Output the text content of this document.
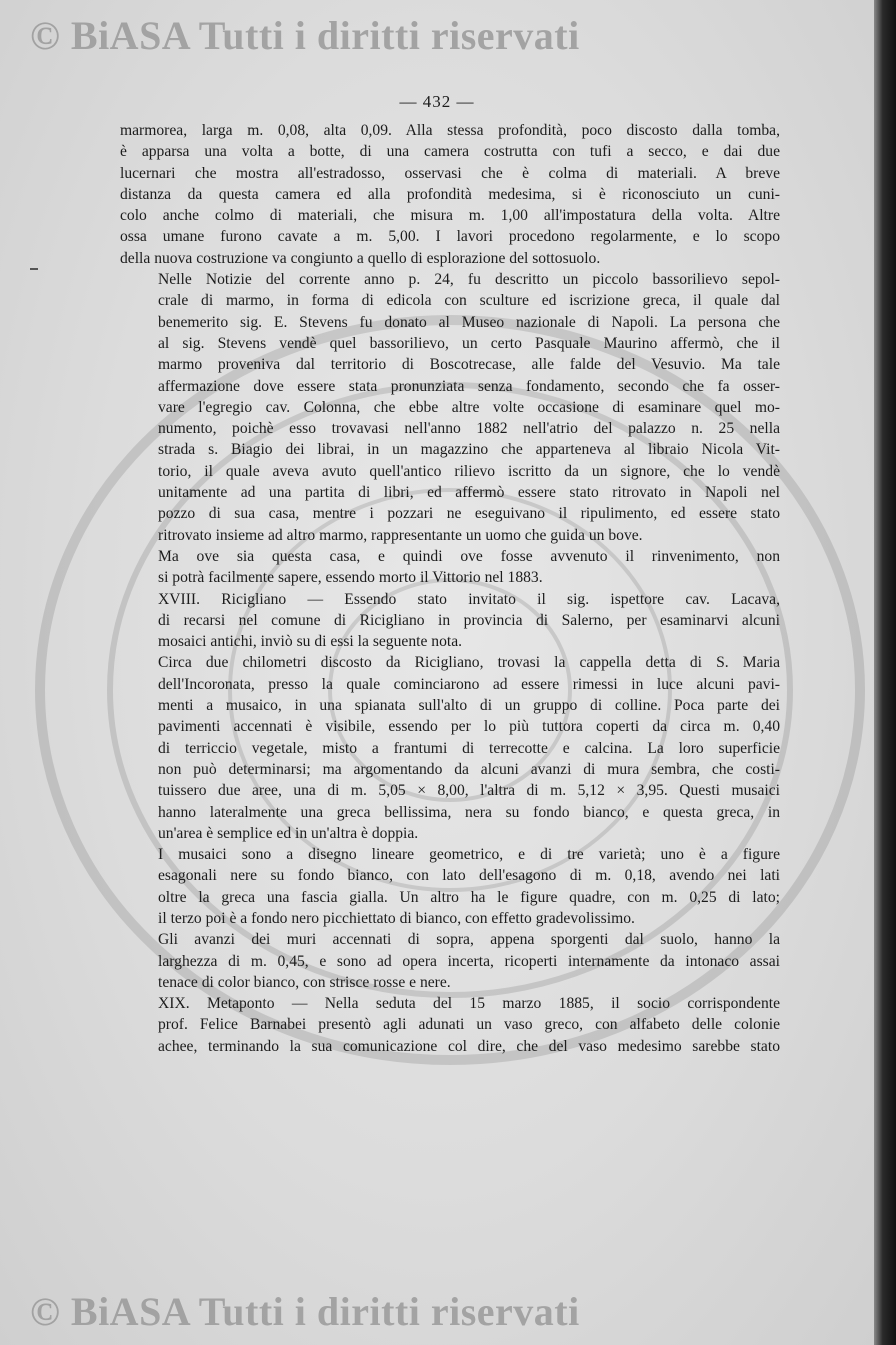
© BiASA Tutti i diritti riservati
© BiASA Tutti i diritti riservati
— 432 —

marmorea, larga m. 0,08, alta 0,09. Alla stessa profondità, poco discosto dalla tomba,
è apparsa una volta a botte, di una camera costrutta con tufi a secco, e dai due
lucernari che mostra all'estradosso, osservasi che è colma di materiali. A breve
distanza da questa camera ed alla profondità medesima, si è riconosciuto un cuni-
colo anche colmo di materiali, che misura m. 1,00 all'impostatura della volta. Altre
ossa umane furono cavate a m. 5,00. I lavori procedono regolarmente, e lo scopo
della nuova costruzione va congiunto a quello di esplorazione del sottosuolo.

Nelle Notizie del corrente anno p. 24, fu descritto un piccolo bassorilievo sepol-
crale di marmo, in forma di edicola con sculture ed iscrizione greca, il quale dal
benemerito sig. E. Stevens fu donato al Museo nazionale di Napoli. La persona che
al sig. Stevens vendè quel bassorilievo, un certo Pasquale Maurino affermò, che il
marmo proveniva dal territorio di Boscotrecase, alle falde del Vesuvio. Ma tale
affermazione dove essere stata pronunziata senza fondamento, secondo che fa osser-
vare l'egregio cav. Colonna, che ebbe altre volte occasione di esaminare quel mo-
numento, poichè esso trovavasi nell'anno 1882 nell'atrio del palazzo n. 25 nella
strada s. Biagio dei librai, in un magazzino che apparteneva al libraio Nicola Vit-
torio, il quale aveva avuto quell'antico rilievo iscritto da un signore, che lo vendè
unitamente ad una partita di libri, ed affermò essere stato ritrovato in Napoli nel
pozzo di sua casa, mentre i pozzari ne eseguivano il ripulimento, ed essere stato
ritrovato insieme ad altro marmo, rappresentante un uomo che guida un bove.

Ma ove sia questa casa, e quindi ove fosse avvenuto il rinvenimento, non
si potrà facilmente sapere, essendo morto il Vittorio nel 1883.

XVIII. Ricigliano — Essendo stato invitato il sig. ispettore cav. Lacava,
di recarsi nel comune di Ricigliano in provincia di Salerno, per esaminarvi alcuni
mosaici antichi, inviò su di essi la seguente nota.

Circa due chilometri discosto da Ricigliano, trovasi la cappella detta di S. Maria
dell'Incoronata, presso la quale cominciarono ad essere rimessi in luce alcuni pavi-
menti a musaico, in una spianata sull'alto di un gruppo di colline. Poca parte dei
pavimenti accennati è visibile, essendo per lo più tuttora coperti da circa m. 0,40
di terriccio vegetale, misto a frantumi di terrecotte e calcina. La loro superficie
non può determinarsi; ma argomentando da alcuni avanzi di mura sembra, che costi-
tuissero due aree, una di m. 5,05 × 8,00, l'altra di m. 5,12 × 3,95. Questi musaici
hanno lateralmente una greca bellissima, nera su fondo bianco, e questa greca, in
un'area è semplice ed in un'altra è doppia.

I musaici sono a disegno lineare geometrico, e di tre varietà; uno è a figure
esagonali nere su fondo bianco, con lato dell'esagono di m. 0,18, avendo nei lati
oltre la greca una fascia gialla. Un altro ha le figure quadre, con m. 0,25 di lato;
il terzo poi è a fondo nero picchiettato di bianco, con effetto gradevolissimo.

Gli avanzi dei muri accennati di sopra, appena sporgenti dal suolo, hanno la
larghezza di m. 0,45, e sono ad opera incerta, ricoperti internamente da intonaco assai
tenace di color bianco, con strisce rosse e nere.

XIX. Metaponto — Nella seduta del 15 marzo 1885, il socio corrispondente
prof. Felice Barnabei presentò agli adunati un vaso greco, con alfabeto delle colonie
achee, terminando la sua comunicazione col dire, che del vaso medesimo sarebbe stato
